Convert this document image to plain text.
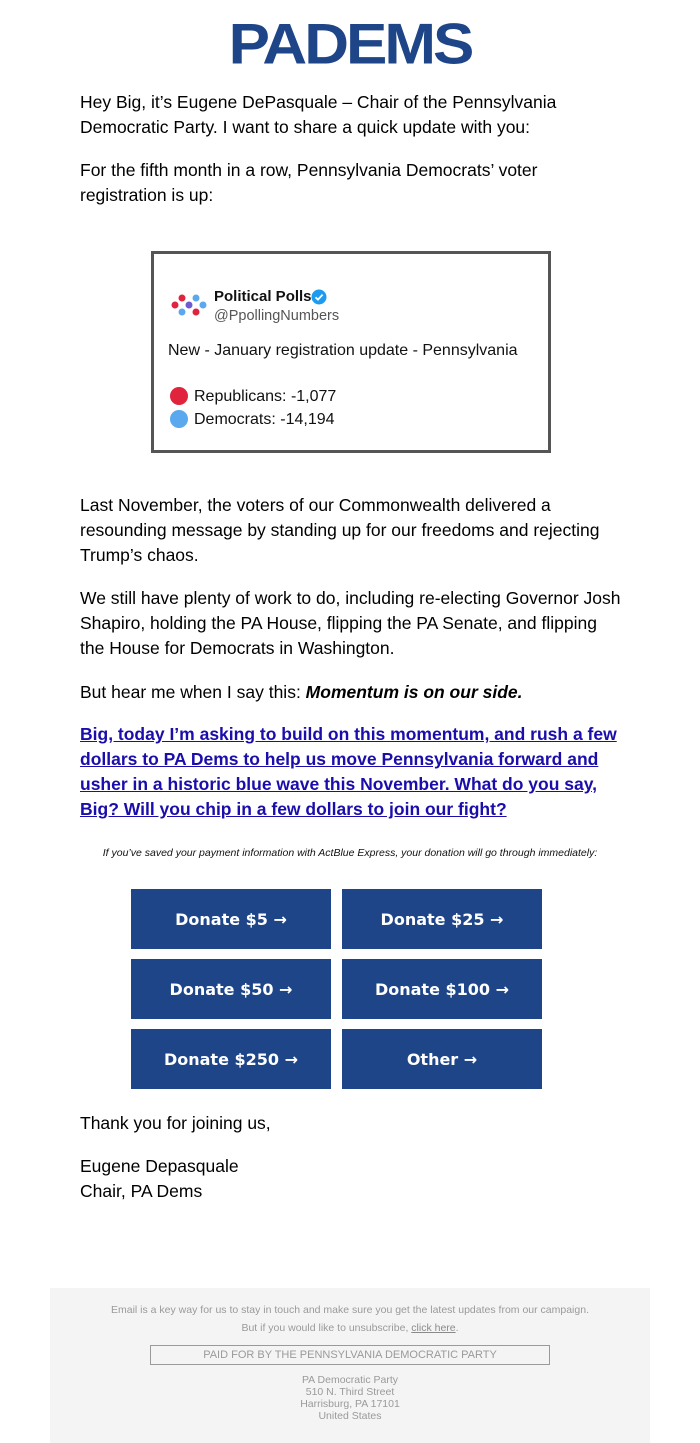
PADEMS

Hey Big, it’s Eugene DePasquale – Chair of the Pennsylvania Democratic Party. I want to share a quick update with you:

For the fifth month in a row, Pennsylvania Democrats’ voter registration is up:

Political Polls
@PpollingNumbers
New - January registration update - Pennsylvania
Republicans: -1,077
Democrats: -14,194

Last November, the voters of our Commonwealth delivered a resounding message by standing up for our freedoms and rejecting Trump’s chaos.

We still have plenty of work to do, including re-electing Governor Josh Shapiro, holding the PA House, flipping the PA Senate, and flipping the House for Democrats in Washington.

But hear me when I say this: Momentum is on our side.

Big, today I’m asking to build on this momentum, and rush a few dollars to PA Dems to help us move Pennsylvania forward and usher in a historic blue wave this November. What do you say, Big? Will you chip in a few dollars to join our fight?

If you’ve saved your payment information with ActBlue Express, your donation will go through immediately:
Donate $5 →	Donate $25 →
Donate $50 →	Donate $100 →
Donate $250 →	Other →

Thank you for joining us,

Eugene Depasquale

Chair, PA Dems

Email is a key way for us to stay in touch and make sure you get the latest updates from our campaign.
But if you would like to unsubscribe, click here.
PAID FOR BY THE PENNSYLVANIA DEMOCRATIC PARTY
PA Democratic Party
510 N. Third Street
Harrisburg, PA 17101
United States
